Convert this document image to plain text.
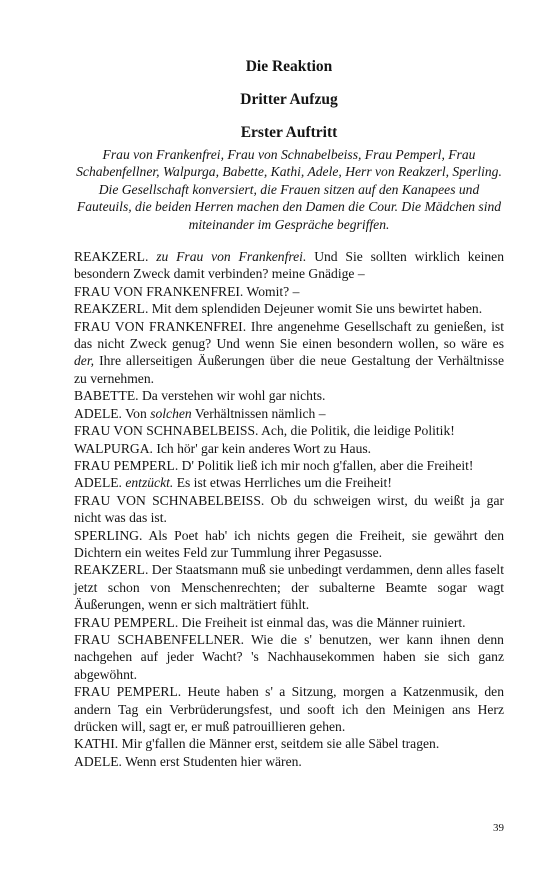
Die Reaktion
Dritter Aufzug
Erster Auftritt
Frau von Frankenfrei, Frau von Schnabelbeiss, Frau Pemperl, Frau Schabenfellner, Walpurga, Babette, Kathi, Adele, Herr von Reakzerl, Sperling.
Die Gesellschaft konversiert, die Frauen sitzen auf den Kanapees und Fauteuils, die beiden Herren machen den Damen die Cour. Die Mädchen sind miteinander im Gespräche begriffen.
REAKZERL. zu Frau von Frankenfrei. Und Sie sollten wirklich keinen besondern Zweck damit verbinden? meine Gnädige –
FRAU VON FRANKENFREI. Womit? –
REAKZERL. Mit dem splendiden Dejeuner womit Sie uns bewirtet haben.
FRAU VON FRANKENFREI. Ihre angenehme Gesellschaft zu genießen, ist das nicht Zweck genug? Und wenn Sie einen besondern wollen, so wäre es der, Ihre allerseitigen Äußerungen über die neue Gestaltung der Verhältnisse zu vernehmen.
BABETTE. Da verstehen wir wohl gar nichts.
ADELE. Von solchen Verhältnissen nämlich –
FRAU VON SCHNABELBEISS. Ach, die Politik, die leidige Politik!
WALPURGA. Ich hör' gar kein anderes Wort zu Haus.
FRAU PEMPERL. D' Politik ließ ich mir noch g'fallen, aber die Freiheit!
ADELE. entzückt. Es ist etwas Herrliches um die Freiheit!
FRAU VON SCHNABELBEISS. Ob du schweigen wirst, du weißt ja gar nicht was das ist.
SPERLING. Als Poet hab' ich nichts gegen die Freiheit, sie gewährt den Dichtern ein weites Feld zur Tummlung ihrer Pegasusse.
REAKZERL. Der Staatsmann muß sie unbedingt verdammen, denn alles faselt jetzt schon von Menschenrechten; der subalterne Beamte sogar wagt Äußerungen, wenn er sich malträtiert fühlt.
FRAU PEMPERL. Die Freiheit ist einmal das, was die Männer ruiniert.
FRAU SCHABENFELLNER. Wie die s' benutzen, wer kann ihnen denn nachgehen auf jeder Wacht? 's Nachhausekommen haben sie sich ganz abgewöhnt.
FRAU PEMPERL. Heute haben s' a Sitzung, morgen a Katzenmusik, den andern Tag ein Verbrüderungsfest, und sooft ich den Meinigen ans Herz drücken will, sagt er, er muß patrouillieren gehen.
KATHI. Mir g'fallen die Männer erst, seitdem sie alle Säbel tragen.
ADELE. Wenn erst Studenten hier wären.
39
